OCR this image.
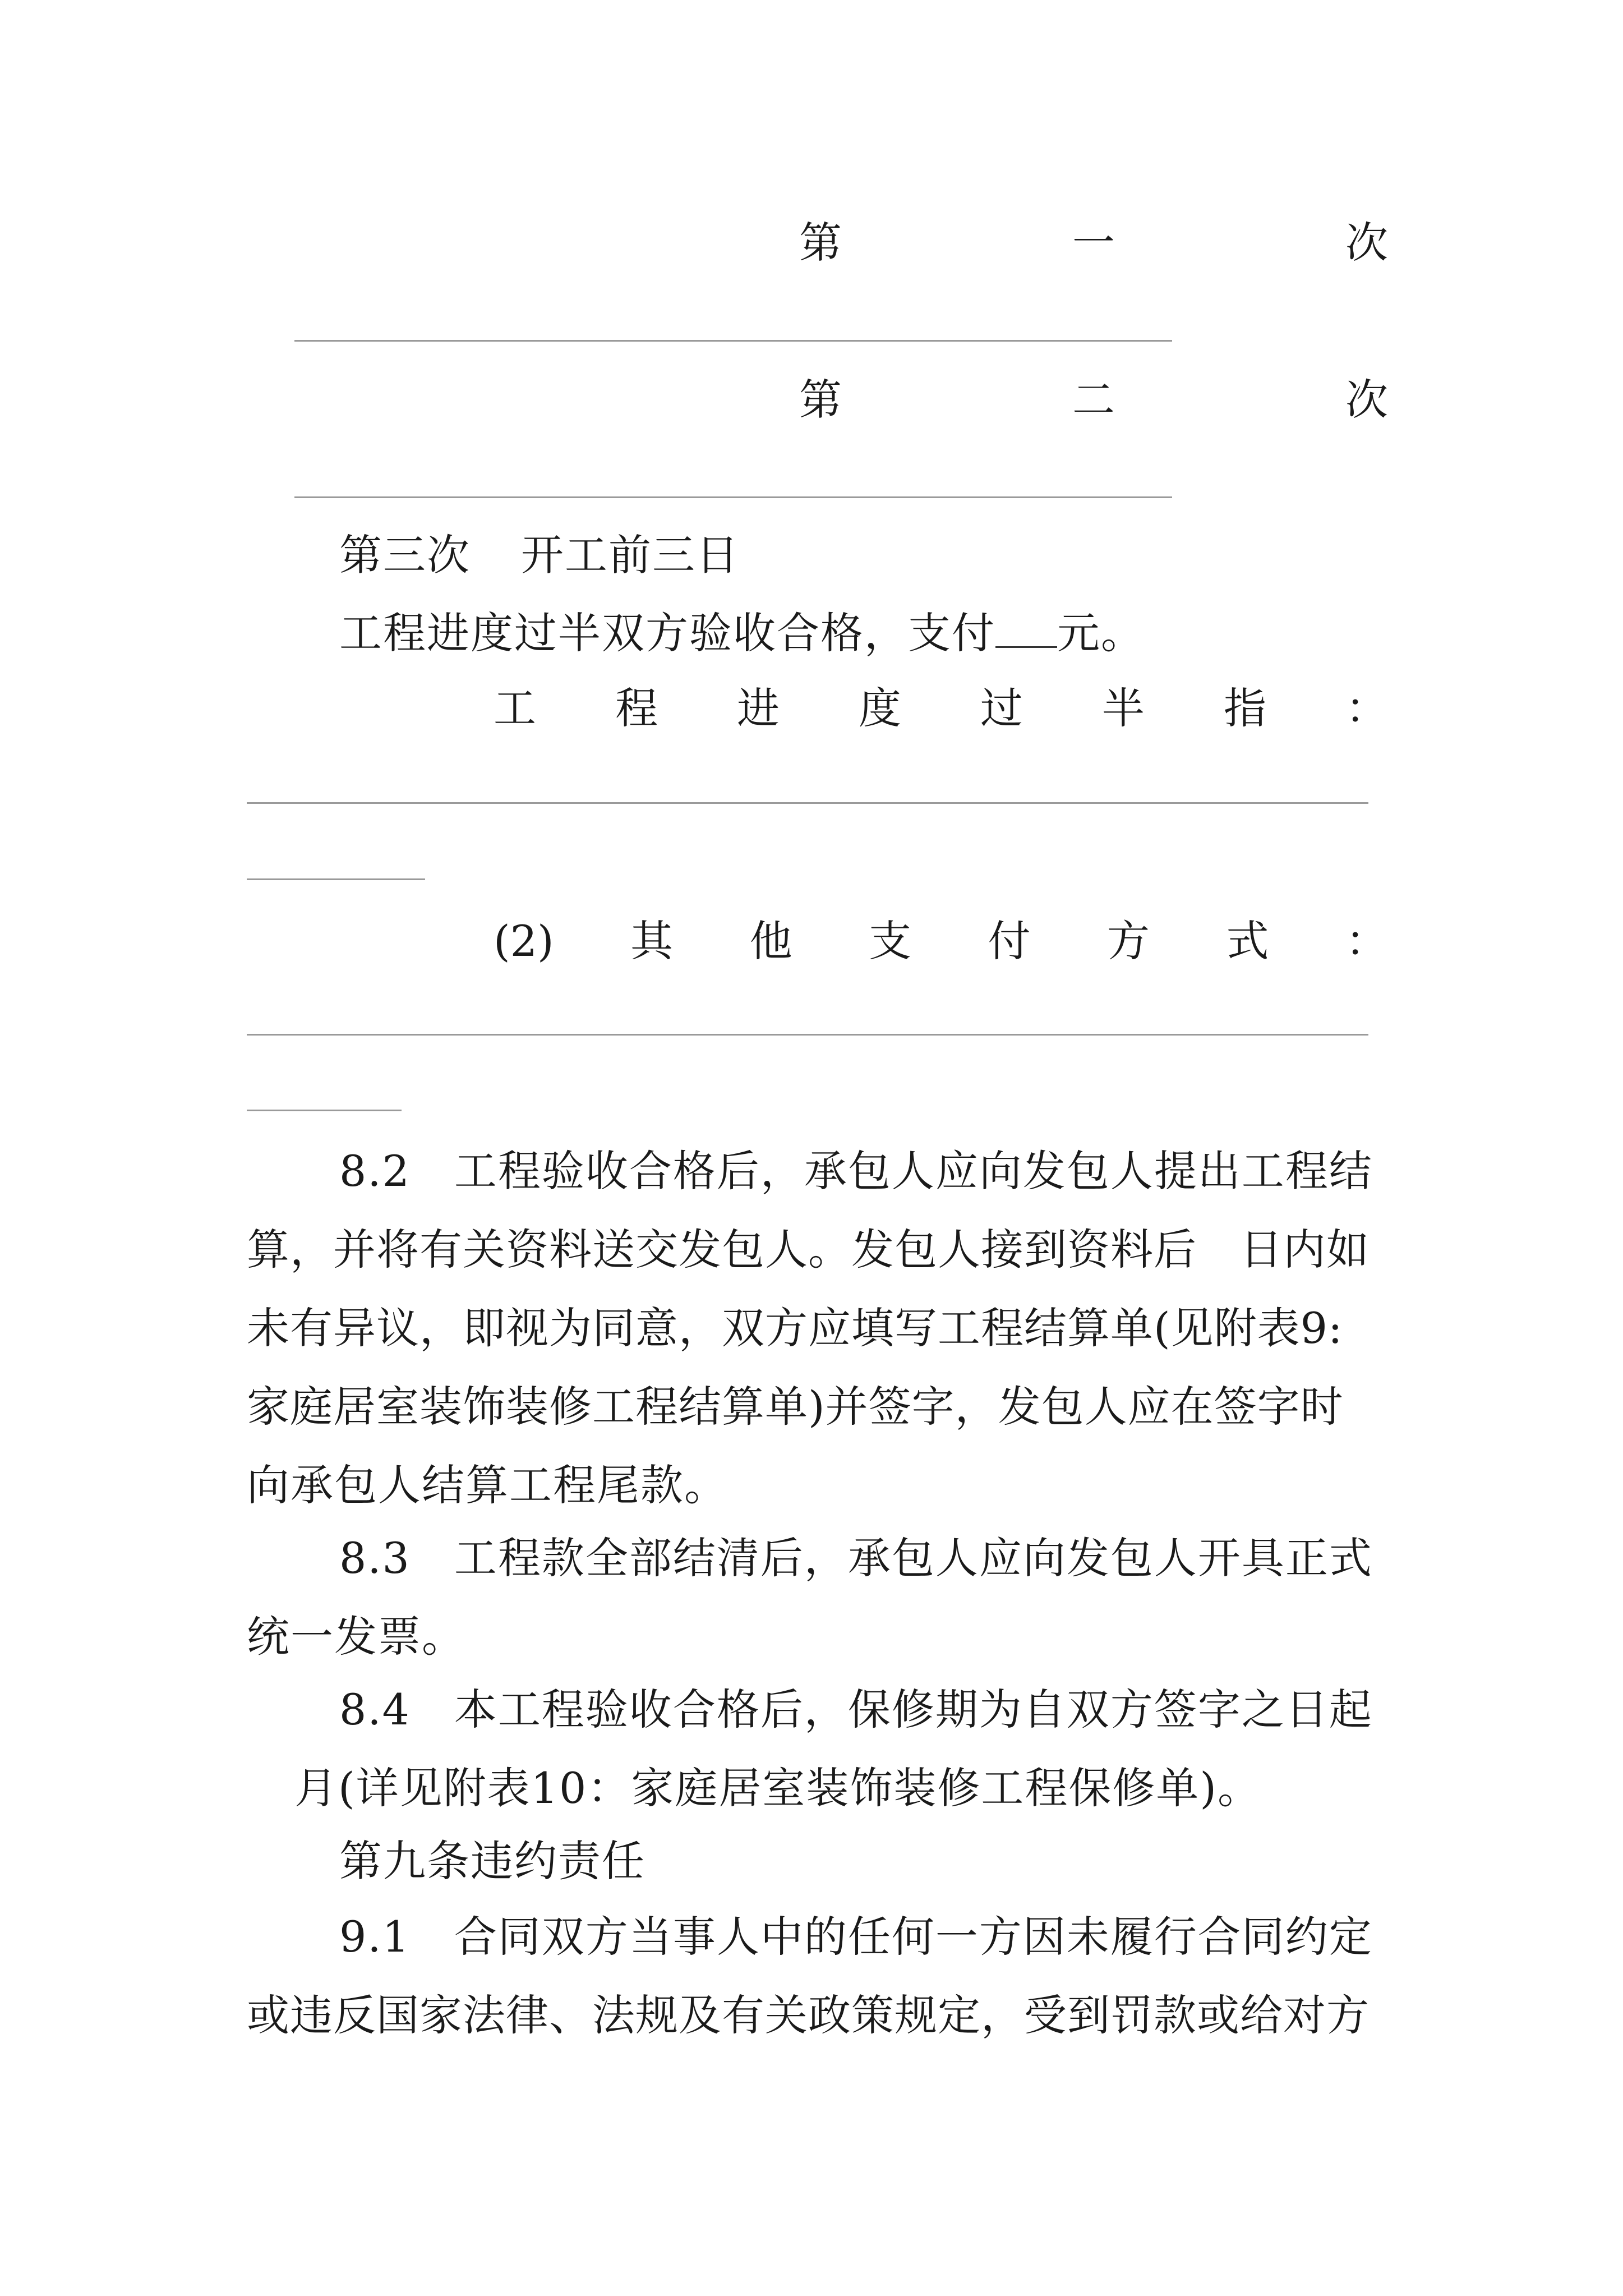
第	一	次
第	二	次
第三次 开工前三日
工程进度过半双方验收合格，支付 元。
工 程 进 度 过 半 指 ：
(2) 其 他 支 付 方 式 ：
8.2　工程验收合格后，承包人应向发包人提出工程结
算，并将有关资料送交发包人。发包人接到资料后　日内如
未有异议，即视为同意，双方应填写工程结算单(见附表9:
家庭居室装饰装修工程结算单)并签字，发包人应在签字时
向承包人结算工程尾款。
8.3　工程款全部结清后，承包人应向发包人开具正式
统一发票。
8.4　本工程验收合格后，保修期为自双方签字之日起
月(详见附表10：家庭居室装饰装修工程保修单)。
第九条违约责任
9.1　合同双方当事人中的任何一方因未履行合同约定
或违反国家法律、法规及有关政策规定，受到罚款或给对方
